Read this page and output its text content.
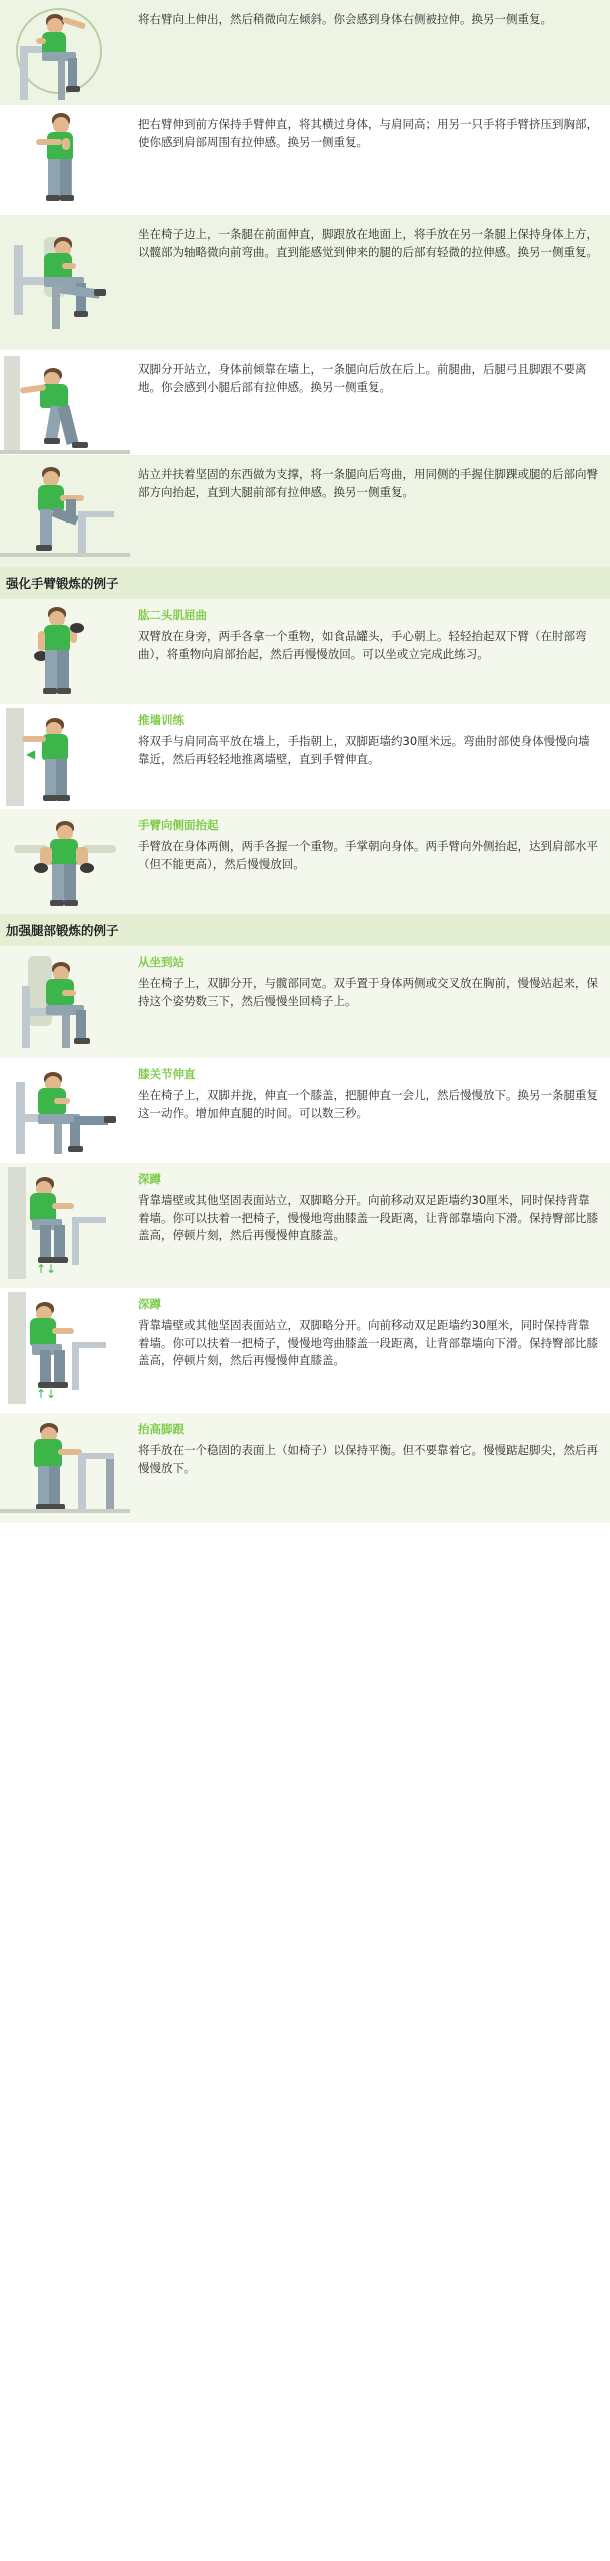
将右臂向上伸出，然后稍微向左倾斜。你会感到身体右侧被拉伸。换另一侧重复。
把右臂伸到前方保持手臂伸直，将其横过身体，与肩同高；用另一只手将手臂挤压到胸部，使你感到肩部周围有拉伸感。换另一侧重复。
坐在椅子边上，一条腿在前面伸直，脚跟放在地面上，将手放在另一条腿上保持身体上方，以髋部为轴略微向前弯曲。直到能感觉到伸来的腿的后部有轻微的拉伸感。换另一侧重复。
双脚分开站立，身体前倾靠在墙上，一条腿向后放在后上。前腿曲，后腿弓且脚跟不要离地。你会感到小腿后部有拉伸感。换另一侧重复。
站立并扶着坚固的东西做为支撑，将一条腿向后弯曲，用同侧的手握住脚踝或腿的后部向臀部方向抬起，直到大腿前部有拉伸感。换另一侧重复。
强化手臂锻炼的例子
肱二头肌屈曲
双臂放在身旁，两手各拿一个重物，如食品罐头，手心朝上。轻轻抬起双下臂（在肘部弯曲），将重物向肩部抬起，然后再慢慢放回。可以坐或立完成此练习。
◀
推墙训练
将双手与肩同高平放在墙上，手指朝上，双脚距墙约30厘米远。弯曲肘部使身体慢慢向墙靠近，然后再轻轻地推离墙壁，直到手臂伸直。
手臂向侧面抬起
手臂放在身体两侧，两手各握一个重物。手掌朝向身体。两手臂向外侧抬起，达到肩部水平（但不能更高），然后慢慢放回。
加强腿部锻炼的例子
从坐到站
坐在椅子上，双脚分开，与髋部同宽。双手置于身体两侧或交叉放在胸前，慢慢站起来，保持这个姿势数三下，然后慢慢坐回椅子上。
膝关节伸直
坐在椅子上，双脚并拢，伸直一个膝盖，把腿伸直一会儿，然后慢慢放下。换另一条腿重复这一动作。增加伸直腿的时间。可以数三秒。
↑↓
深蹲
背靠墙壁或其他坚固表面站立，双脚略分开。向前移动双足距墙约30厘米，同时保持背靠着墙。你可以扶着一把椅子，慢慢地弯曲膝盖一段距离，让背部靠墙向下滑。保持臀部比膝盖高，停顿片刻，然后再慢慢伸直膝盖。
↑↓
深蹲
背靠墙壁或其他坚固表面站立，双脚略分开。向前移动双足距墙约30厘米，同时保持背靠着墙。你可以扶着一把椅子，慢慢地弯曲膝盖一段距离，让背部靠墙向下滑。保持臀部比膝盖高，停顿片刻，然后再慢慢伸直膝盖。
抬高脚跟
将手放在一个稳固的表面上（如椅子）以保持平衡。但不要靠着它。慢慢踮起脚尖，然后再慢慢放下。
